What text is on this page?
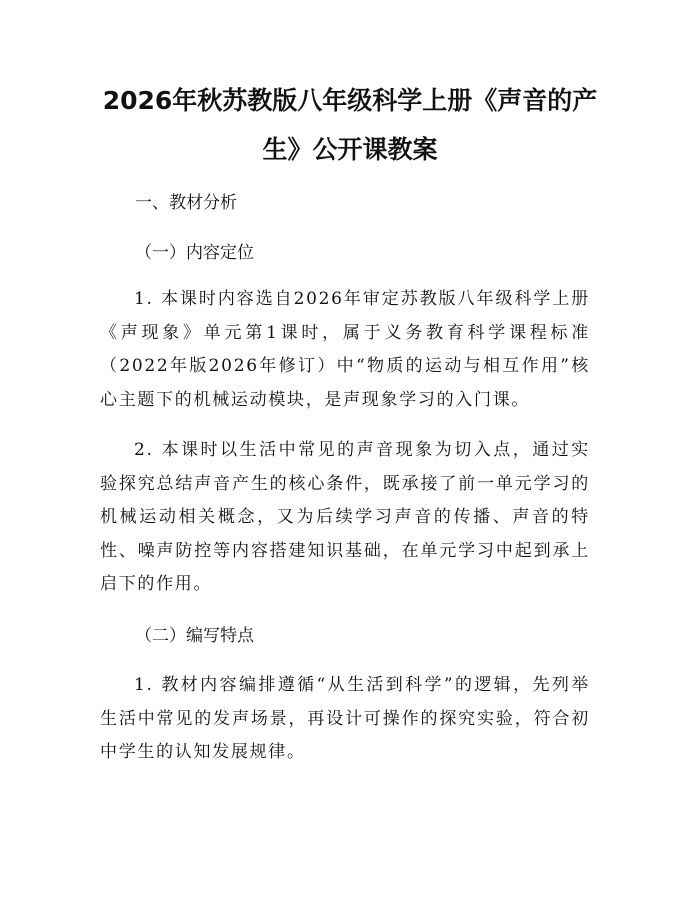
2026年秋苏教版八年级科学上册《声音的产
生》公开课教案

一、教材分析

（一）内容定位

1. 本课时内容选自2026年审定苏教版八年级科学上册《声现象》单元第1课时，属于义务教育科学课程标准（2022年版2026年修订）中“物质的运动与相互作用”核心主题下的机械运动模块，是声现象学习的入门课。

2. 本课时以生活中常见的声音现象为切入点，通过实验探究总结声音产生的核心条件，既承接了前一单元学习的机械运动相关概念，又为后续学习声音的传播、声音的特性、噪声防控等内容搭建知识基础，在单元学习中起到承上启下的作用。

（二）编写特点

1. 教材内容编排遵循“从生活到科学”的逻辑，先列举生活中常见的发声场景，再设计可操作的探究实验，符合初中学生的认知发展规律。
